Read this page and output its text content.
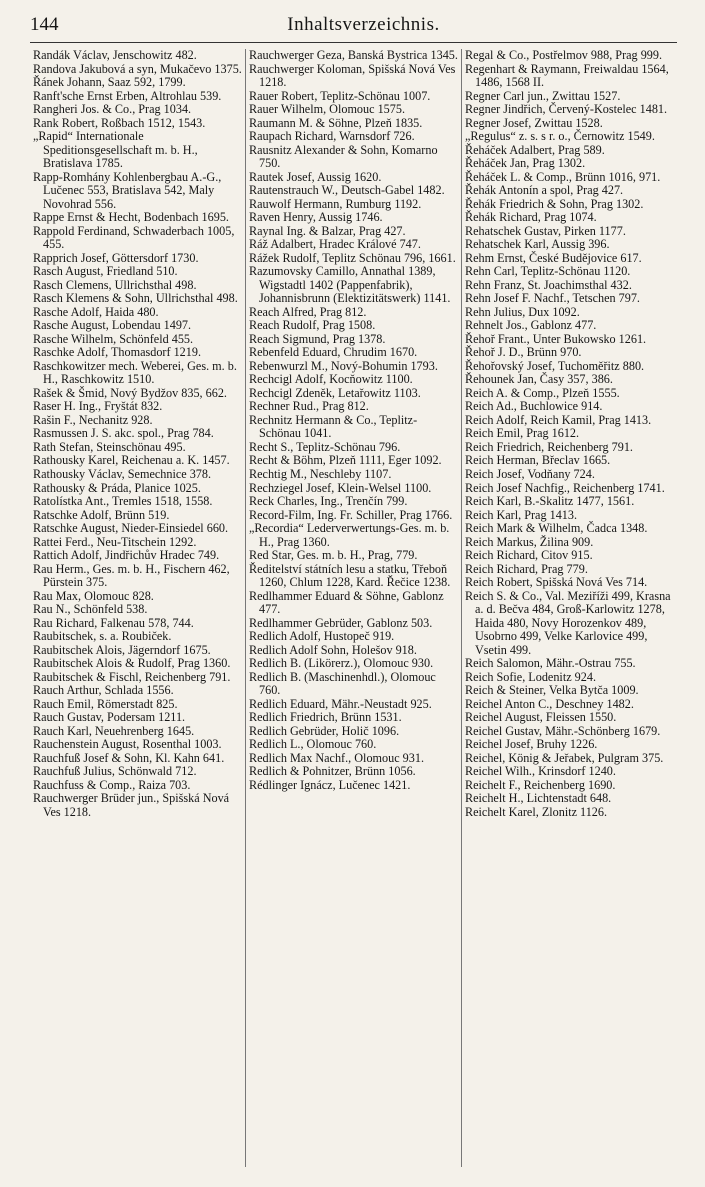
144	Inhaltsverzeichnis.
Randák Václav, Jenschowitz 482.
Randova Jakubová a syn, Mukačevo 1375.
Řánek Johann, Saaz 592, 1799.
Ranft'sche Ernst Erben, Altrohlau 539.
Rangheri Jos. & Co., Prag 1034.
Rank Robert, Roßbach 1512, 1543.
„Rapid“ Internationale Speditionsgesellschaft m. b. H., Bratislava 1785.
Rapp-Romhány Kohlenbergbau A.-G., Lučenec 553, Bratislava 542, Maly Novohrad 556.
Rappe Ernst & Hecht, Bodenbach 1695.
Rappold Ferdinand, Schwaderbach 1005, 455.
Rapprich Josef, Göttersdorf 1730.
Rasch August, Friedland 510.
Rasch Clemens, Ullrichsthal 498.
Rasch Klemens & Sohn, Ullrichsthal 498.
Rasche Adolf, Haida 480.
Rasche August, Lobendau 1497.
Rasche Wilhelm, Schönfeld 455.
Raschke Adolf, Thomasdorf 1219.
Raschkowitzer mech. Weberei, Ges. m. b. H., Raschkowitz 1510.
Rašek & Šmid, Nový Bydžov 835, 662.
Raser H. Ing., Fryštát 832.
Rašin F., Nechanitz 928.
Rasmussen J. S. akc. spol., Prag 784.
Rath Stefan, Steinschönau 495.
Rathousky Karel, Reichenau a. K. 1457.
Rathousky Václav, Semechnice 378.
Rathousky & Práda, Planice 1025.
Ratolístka Ant., Tremles 1518, 1558.
Ratschke Adolf, Brünn 519.
Ratschke August, Nieder-Einsiedel 660.
Rattei Ferd., Neu-Titschein 1292.
Rattich Adolf, Jindřichův Hradec 749.
Rau Herm., Ges. m. b. H., Fischern 462, Pürstein 375.
Rau Max, Olomouc 828.
Rau N., Schönfeld 538.
Rau Richard, Falkenau 578, 744.
Raubitschek, s. a. Roubiček.
Raubitschek Alois, Jägerndorf 1675.
Raubitschek Alois & Rudolf, Prag 1360.
Raubitschek & Fischl, Reichenberg 791.
Rauch Arthur, Schlada 1556.
Rauch Emil, Römerstadt 825.
Rauch Gustav, Podersam 1211.
Rauch Karl, Neuehrenberg 1645.
Rauchenstein August, Rosenthal 1003.
Rauchfuß Josef & Sohn, Kl. Kahn 641.
Rauchfuß Julius, Schönwald 712.
Rauchfuss & Comp., Raiza 703.
Rauchwerger Brüder jun., Spišská Nová Ves 1218.
Rauchwerger Geza, Banská Bystrica 1345.
Rauchwerger Koloman, Spišská Nová Ves 1218.
Rauer Robert, Teplitz-Schönau 1007.
Rauer Wilhelm, Olomouc 1575.
Raumann M. & Söhne, Plzeň 1835.
Raupach Richard, Warnsdorf 726.
Rausnitz Alexander & Sohn, Komarno 750.
Rautek Josef, Aussig 1620.
Rautenstrauch W., Deutsch-Gabel 1482.
Rauwolf Hermann, Rumburg 1192.
Raven Henry, Aussig 1746.
Raynal Ing. & Balzar, Prag 427.
Ráž Adalbert, Hradec Králové 747.
Rážek Rudolf, Teplitz Schönau 796, 1661.
Razumovsky Camillo, Annathal 1389, Wigstadtl 1402 (Pappenfabrik), Johannisbrunn (Elektizitätswerk) 1141.
Reach Alfred, Prag 812.
Reach Rudolf, Prag 1508.
Reach Sigmund, Prag 1378.
Rebenfeld Eduard, Chrudim 1670.
Rebenwurzl M., Nový-Bohumin 1793.
Rechcigl Adolf, Kocňowitz 1100.
Rechcigl Zdeněk, Letařowitz 1103.
Rechner Rud., Prag 812.
Rechnitz Hermann & Co., Teplitz-Schönau 1041.
Recht S., Teplitz-Schönau 796.
Recht & Böhm, Plzeň 1111, Eger 1092.
Rechtig M., Neschleby 1107.
Rechziegel Josef, Klein-Welsel 1100.
Reck Charles, Ing., Trenčín 799.
Record-Film, Ing. Fr. Schiller, Prag 1766.
„Recordia“ Lederverwertungs-Ges. m. b. H., Prag 1360.
Red Star, Ges. m. b. H., Prag, 779.
Ředitelství státních lesu a statku, Třeboň 1260, Chlum 1228, Kard. Řečice 1238.
Redlhammer Eduard & Söhne, Gablonz 477.
Redlhammer Gebrüder, Gablonz 503.
Redlich Adolf, Hustopeč 919.
Redlich Adolf Sohn, Holešov 918.
Redlich B. (Likörerz.), Olomouc 930.
Redlich B. (Maschinenhdl.), Olomouc 760.
Redlich Eduard, Mähr.-Neustadt 925.
Redlich Friedrich, Brünn 1531.
Redlich Gebrüder, Holič 1096.
Redlich L., Olomouc 760.
Redlich Max Nachf., Olomouc 931.
Redlich & Pohnitzer, Brünn 1056.
Rédlinger Ignácz, Lučenec 1421.
Regal & Co., Postřelmov 988, Prag 999.
Regenhart & Raymann, Freiwaldau 1564, 1486, 1568 II.
Regner Carl jun., Zwittau 1527.
Regner Jindřich, Červený-Kostelec 1481.
Regner Josef, Zwittau 1528.
„Regulus“ z. s. s r. o., Černowitz 1549.
Řeháček Adalbert, Prag 589.
Řeháček Jan, Prag 1302.
Řeháček L. & Comp., Brünn 1016, 971.
Řehák Antonín a spol, Prag 427.
Řehák Friedrich & Sohn, Prag 1302.
Řehák Richard, Prag 1074.
Rehatschek Gustav, Pirken 1177.
Rehatschek Karl, Aussig 396.
Rehm Ernst, České Budějovice 617.
Rehn Carl, Teplitz-Schönau 1120.
Rehn Franz, St. Joachimsthal 432.
Rehn Josef F. Nachf., Tetschen 797.
Rehn Julius, Dux 1092.
Rehnelt Jos., Gablonz 477.
Řehoř Frant., Unter Bukowsko 1261.
Řehoř J. D., Brünn 970.
Řehořovský Josef, Tuchoměřitz 880.
Řehounek Jan, Časy 357, 386.
Reich A. & Comp., Plzeň 1555.
Reich Ad., Buchlowice 914.
Reich Adolf, Reich Kamil, Prag 1413.
Reich Emil, Prag 1612.
Reich Friedrich, Reichenberg 791.
Reich Herman, Břeclav 1665.
Reich Josef, Vodňany 724.
Reich Josef Nachfig., Reichenberg 1741.
Reich Karl, B.-Skalitz 1477, 1561.
Reich Karl, Prag 1413.
Reich Mark & Wilhelm, Čadca 1348.
Reich Markus, Žilina 909.
Reich Richard, Citov 915.
Reich Richard, Prag 779.
Reich Robert, Spišská Nová Ves 714.
Reich S. & Co., Val. Meziříži 499, Krasna a. d. Bečva 484, Groß-Karlowitz 1278, Haida 480, Novy Horozenkov 489, Usobrno 499, Velke Karlovice 499, Vsetin 499.
Reich Salomon, Mähr.-Ostrau 755.
Reich Sofie, Lodenitz 924.
Reich & Steiner, Velka Bytča 1009.
Reichel Anton C., Deschney 1482.
Reichel August, Fleissen 1550.
Reichel Gustav, Mähr.-Schönberg 1679.
Reichel Josef, Bruhy 1226.
Reichel, König & Jeřabek, Pulgram 375.
Reichel Wilh., Krinsdorf 1240.
Reichelt F., Reichenberg 1690.
Reichelt H., Lichtenstadt 648.
Reichelt Karel, Zlonitz 1126.
